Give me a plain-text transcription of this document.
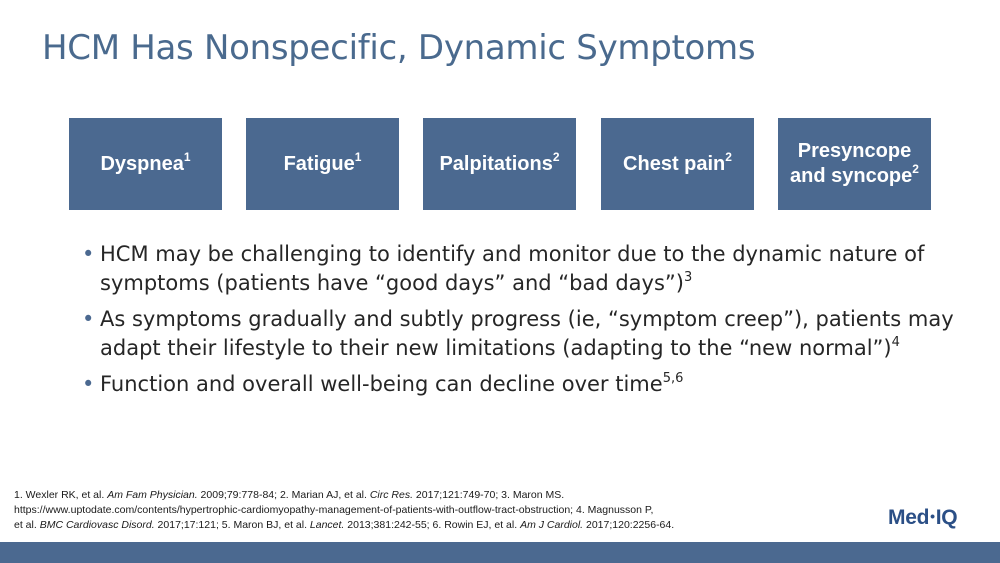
HCM Has Nonspecific, Dynamic Symptoms
Dyspnea$^1$	Fatigue$^1$	Palpitations$^2$	Chest pain$^2$	Presyncope
and syncope$^2$
• HCM may be challenging to identify and monitor due to the dynamic nature of symptoms (patients have “good days” and “bad days”)$^3$
• As symptoms gradually and subtly progress (ie, “symptom creep”), patients may adapt their lifestyle to their new limitations (adapting to the “new normal”)$^4$
• Function and overall well-being can decline over time$^{5,6}$
1. Wexler RK, et al. Am Fam Physician. 2009;79:778-84; 2. Marian AJ, et al. Circ Res. 2017;121:749-70; 3. Maron MS.
https://www.uptodate.com/contents/hypertrophic-cardiomyopathy-management-of-patients-with-outflow-tract-obstruction; 4. Magnusson P,
et al. BMC Cardiovasc Disord. 2017;17:121; 5. Maron BJ, et al. Lancet. 2013;381:242-55; 6. Rowin EJ, et al. Am J Cardiol. 2017;120:2256-64.	Med•IQ
